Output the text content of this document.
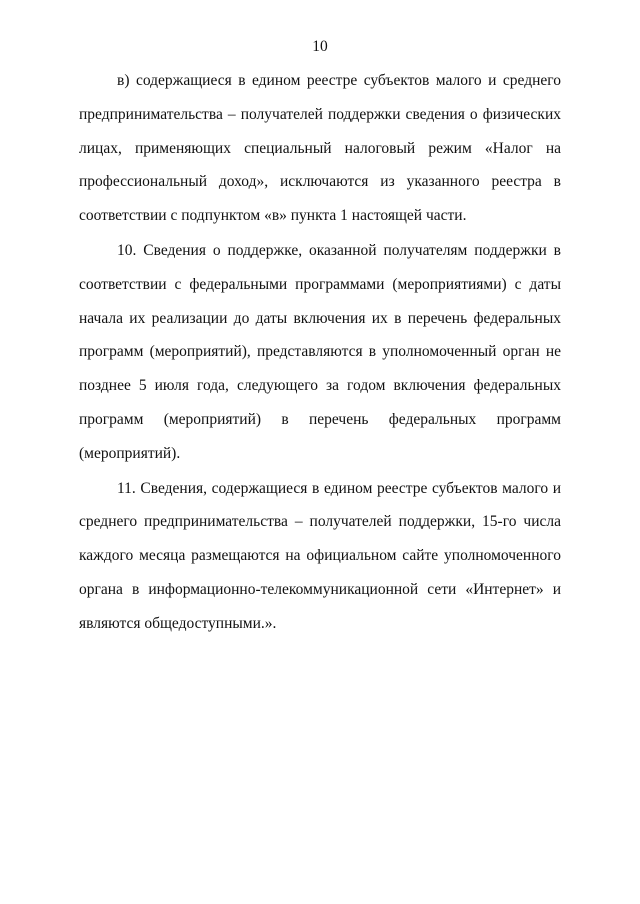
10

в) содержащиеся в едином реестре субъектов малого и среднего предпринимательства – получателей поддержки сведения о физических лицах, применяющих специальный налоговый режим «Налог на профессиональный доход», исключаются из указанного реестра в соответствии с подпунктом «в» пункта 1 настоящей части.

10. Сведения о поддержке, оказанной получателям поддержки в соответствии с федеральными программами (мероприятиями) с даты начала их реализации до даты включения их в перечень федеральных программ (мероприятий), представляются в уполномоченный орган не позднее 5 июля года, следующего за годом включения федеральных программ (мероприятий) в перечень федеральных программ (мероприятий).

11. Сведения, содержащиеся в едином реестре субъектов малого и среднего предпринимательства – получателей поддержки, 15-го числа каждого месяца размещаются на официальном сайте уполномоченного органа в информационно-телекоммуникационной сети «Интернет» и являются общедоступными.».
